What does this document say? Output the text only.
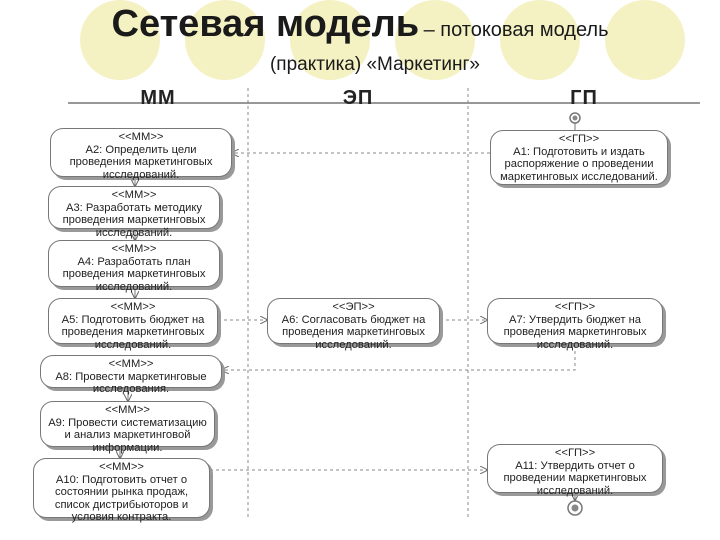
Сетевая модель – потоковая модель
(практика) «Маркетинг»
ММ	ЭП	ГП
<<ММ>>
А2: Определить цели проведения маркетинговых исследований.
<<ГП>>
А1: Подготовить и издать распоряжение о проведении маркетинговых исследований.
<<ММ>>
А3: Разработать методику проведения маркетинговых исследований.
<<ММ>>
А4: Разработать план проведения маркетинговых исследований.
<<ММ>>
А5: Подготовить бюджет на проведения маркетинговых исследований.
<<ЭП>>
А6: Согласовать бюджет на проведения маркетинговых исследований.
<<ГП>>
А7: Утвердить бюджет на проведения маркетинговых исследований.
<<ММ>>
А8: Провести маркетинговые исследования.
<<ММ>>
А9: Провести систематизацию и анализ маркетинговой информации.
<<ММ>>
А10: Подготовить отчет о состоянии рынка продаж, список дистрибьюторов и условия контракта.
<<ГП>>
А11: Утвердить отчет о проведении маркетинговых исследований.
